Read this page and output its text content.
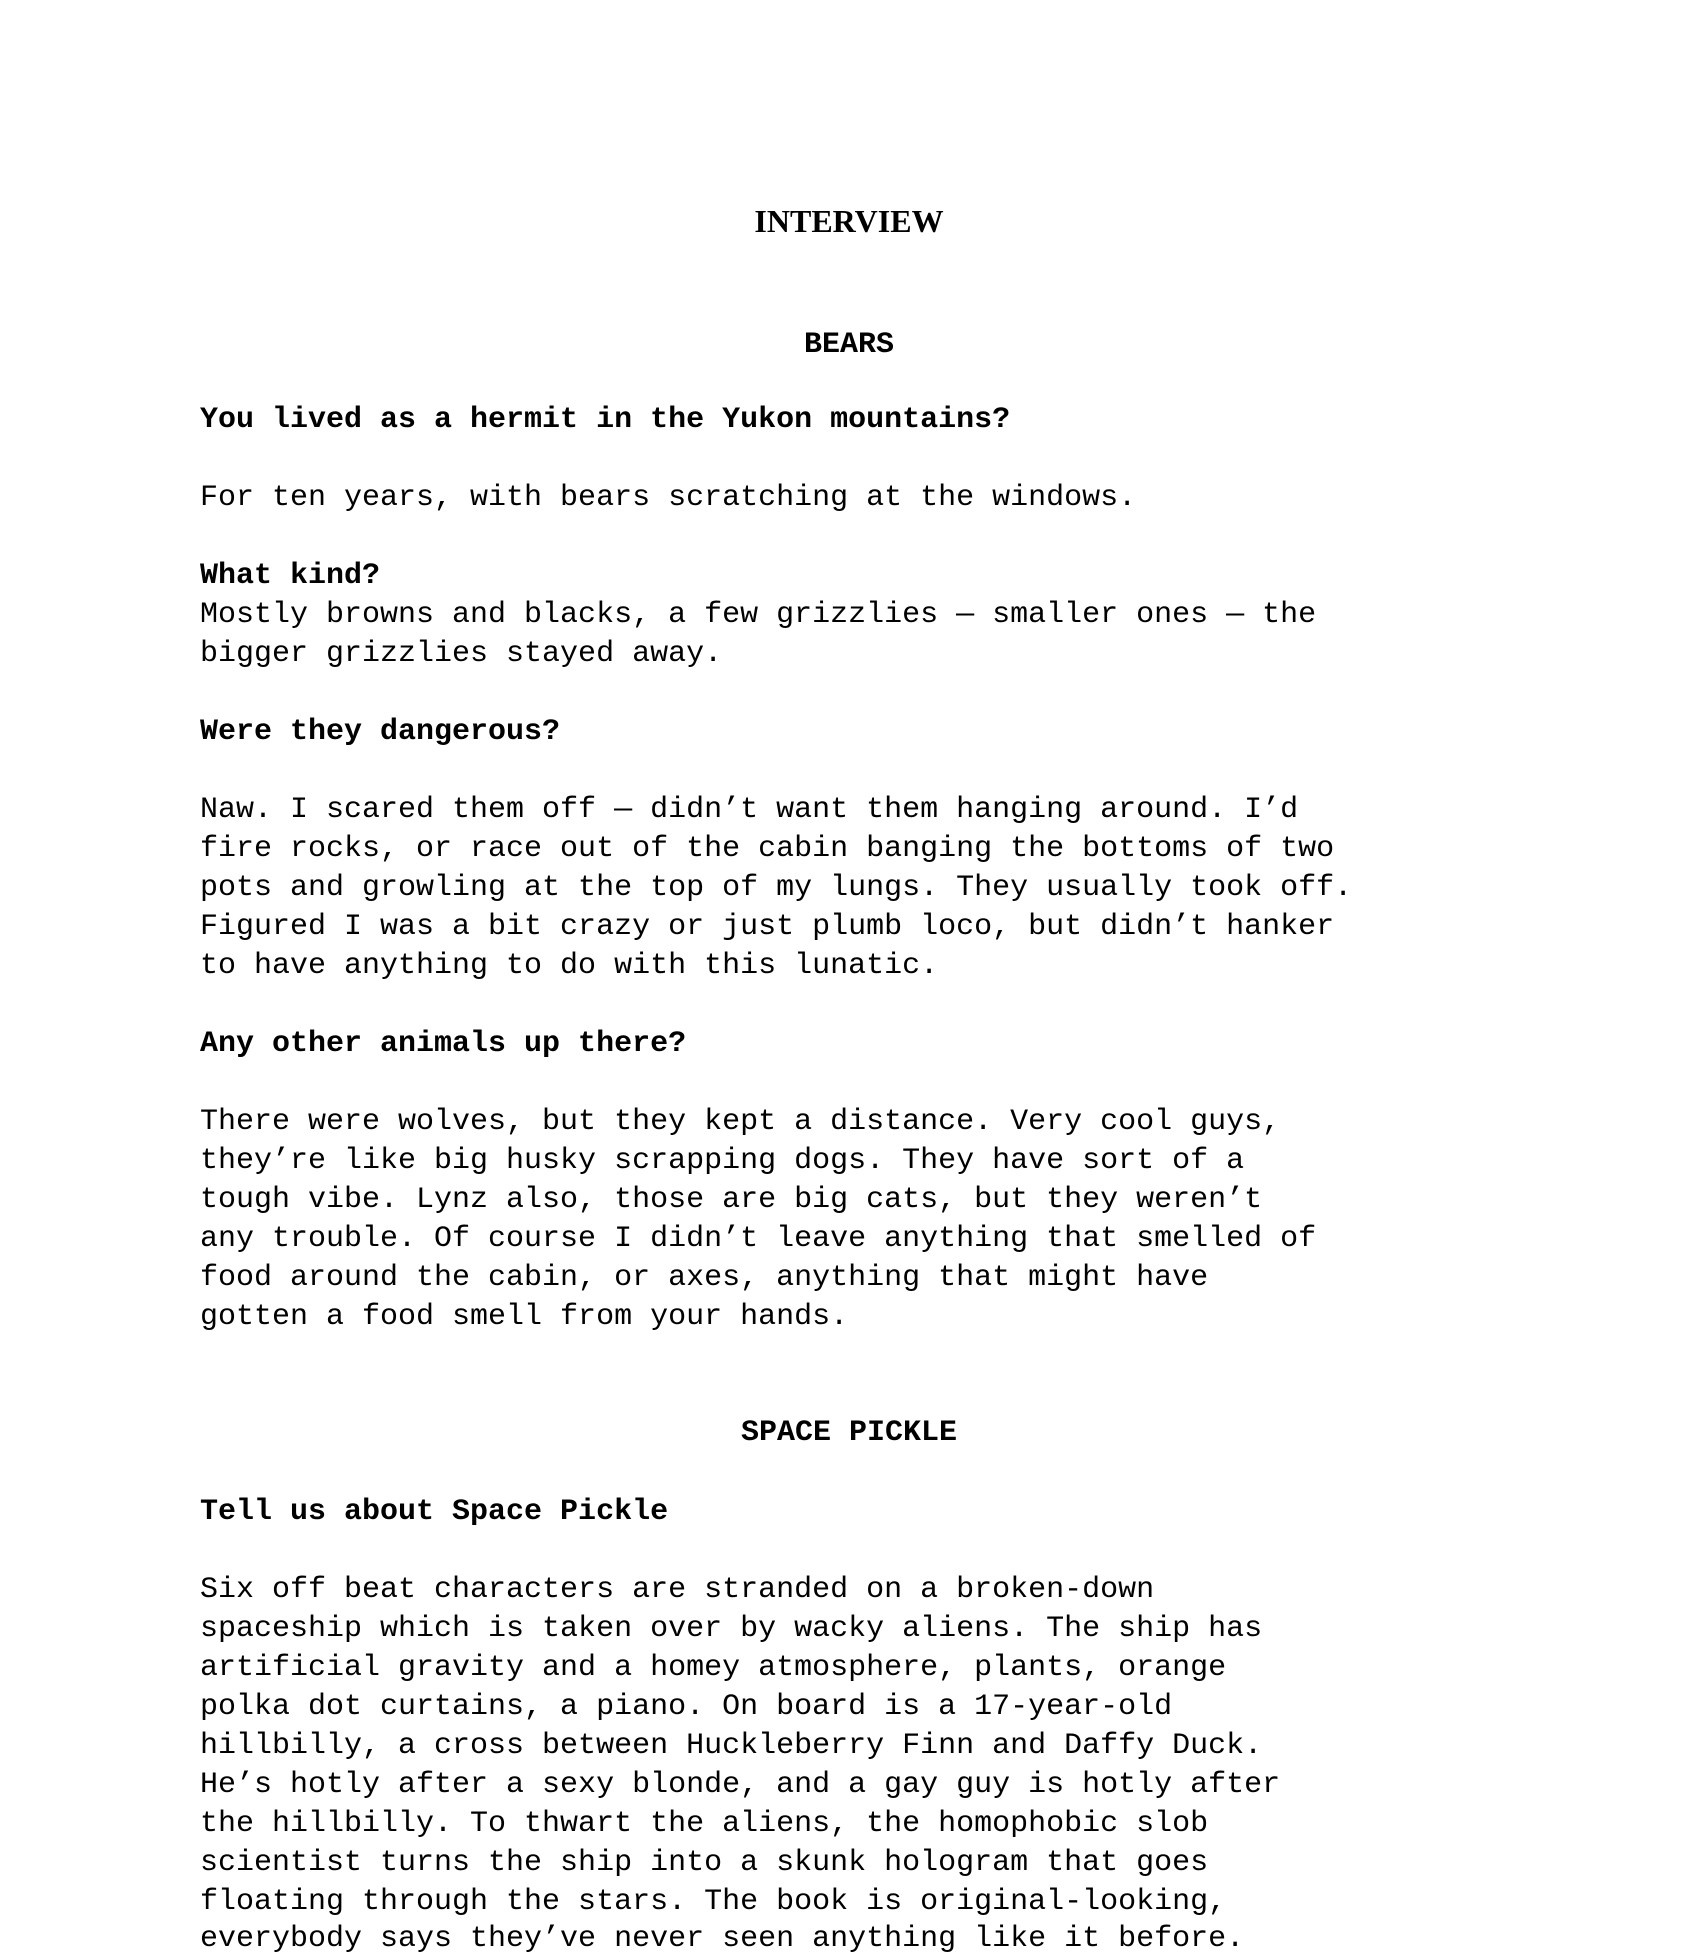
INTERVIEW
BEARS
You lived as a hermit in the Yukon mountains?
For ten years, with bears scratching at the windows.
What kind?
Mostly browns and blacks, a few grizzlies — smaller ones — the
bigger grizzlies stayed away.
Were they dangerous?
Naw. I scared them off — didn’t want them hanging around. I’d
fire rocks, or race out of the cabin banging the bottoms of two
pots and growling at the top of my lungs. They usually took off.
Figured I was a bit crazy or just plumb loco, but didn’t hanker
to have anything to do with this lunatic.
Any other animals up there?
There were wolves, but they kept a distance. Very cool guys,
they’re like big husky scrapping dogs. They have sort of a
tough vibe. Lynz also, those are big cats, but they weren’t
any trouble. Of course I didn’t leave anything that smelled of
food around the cabin, or axes, anything that might have
gotten a food smell from your hands.
SPACE PICKLE
Tell us about Space Pickle
Six off beat characters are stranded on a broken-down
spaceship which is taken over by wacky aliens. The ship has
artificial gravity and a homey atmosphere, plants, orange
polka dot curtains, a piano. On board is a 17-year-old
hillbilly, a cross between Huckleberry Finn and Daffy Duck.
He’s hotly after a sexy blonde, and a gay guy is hotly after
the hillbilly. To thwart the aliens, the homophobic slob
scientist turns the ship into a skunk hologram that goes
floating through the stars. The book is original-looking,
everybody says they’ve never seen anything like it before.
